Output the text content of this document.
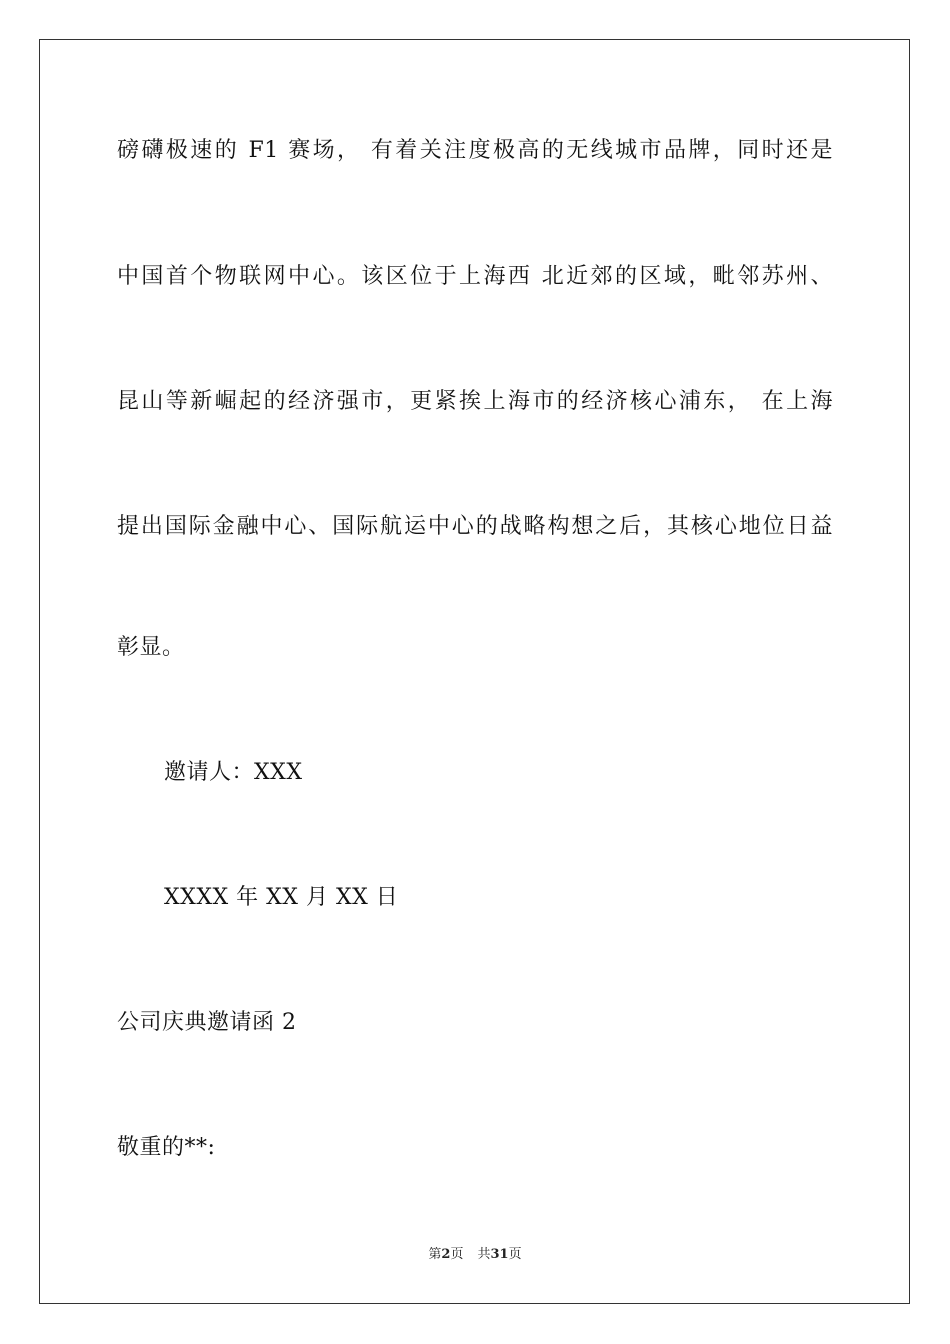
磅礴极速的 F1 赛场， 有着关注度极高的无线城市品牌，同时还是
中国首个物联网中心。该区位于上海西 北近郊的区域，毗邻苏州、
昆山等新崛起的经济强市，更紧挨上海市的经济核心浦东， 在上海
提出国际金融中心、国际航运中心的战略构想之后，其核心地位日益
彰显。
邀请人：XXX
XXXX 年 XX 月 XX 日
公司庆典邀请函 2
敬重的**:
第2页 共31页
